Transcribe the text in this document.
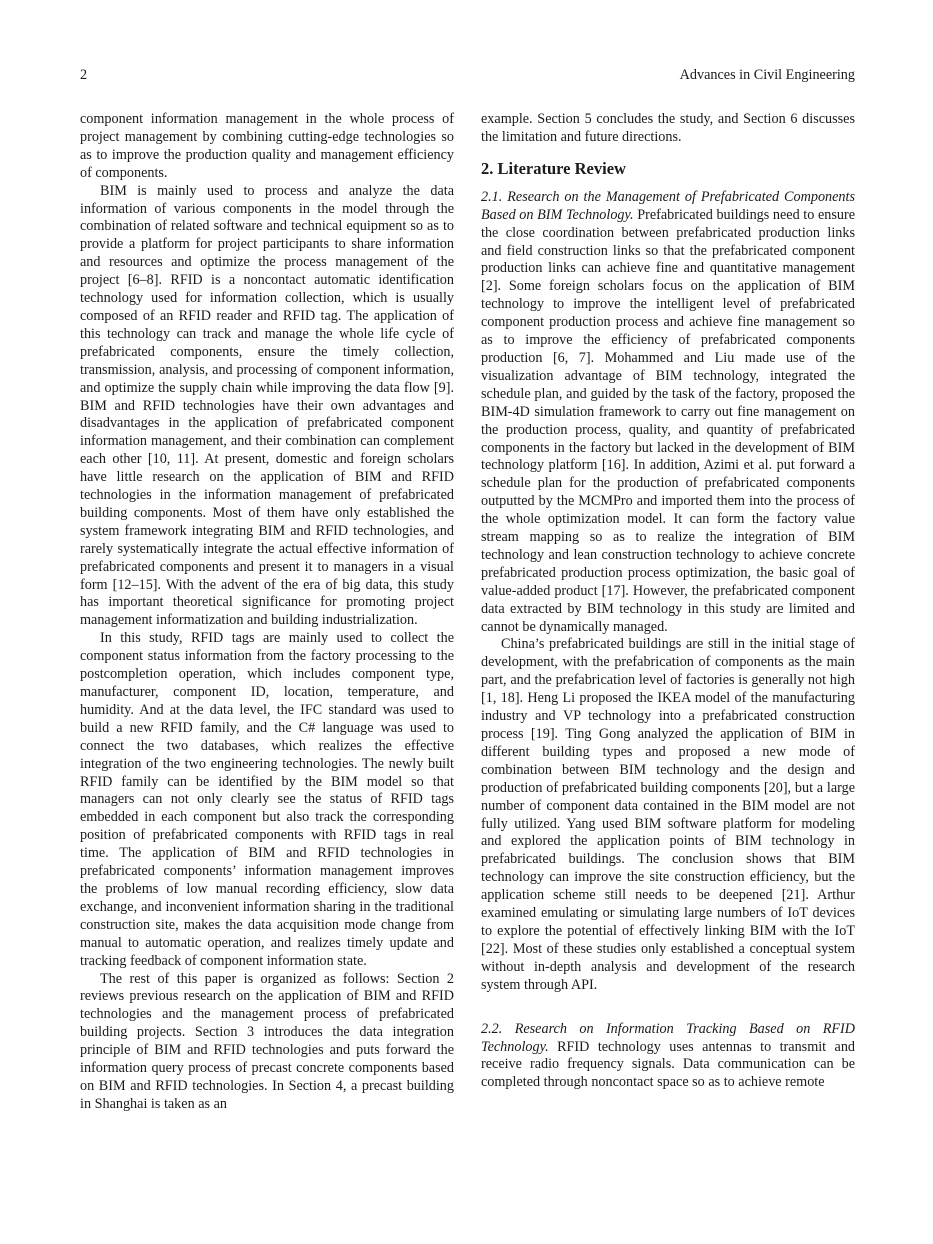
2	Advances in Civil Engineering

component information management in the whole process of project management by combining cutting-edge technologies so as to improve the production quality and management efficiency of components.

BIM is mainly used to process and analyze the data information of various components in the model through the combination of related software and technical equipment so as to provide a platform for project participants to share information and resources and optimize the process management of the project [6–8]. RFID is a noncontact automatic identification technology used for information collection, which is usually composed of an RFID reader and RFID tag. The application of this technology can track and manage the whole life cycle of prefabricated components, ensure the timely collection, transmission, analysis, and processing of component information, and optimize the supply chain while improving the data flow [9]. BIM and RFID technologies have their own advantages and disadvantages in the application of prefabricated component information management, and their combination can complement each other [10, 11]. At present, domestic and foreign scholars have little research on the application of BIM and RFID technologies in the information management of prefabricated building components. Most of them have only established the system framework integrating BIM and RFID technologies, and rarely systematically integrate the actual effective information of prefabricated components and present it to managers in a visual form [12–15]. With the advent of the era of big data, this study has important theoretical significance for promoting project management informatization and building industrialization.

In this study, RFID tags are mainly used to collect the component status information from the factory processing to the postcompletion operation, which includes component type, manufacturer, component ID, location, temperature, and humidity. And at the data level, the IFC standard was used to build a new RFID family, and the C# language was used to connect the two databases, which realizes the effective integration of the two engineering technologies. The newly built RFID family can be identified by the BIM model so that managers can not only clearly see the status of RFID tags embedded in each component but also track the corresponding position of prefabricated components with RFID tags in real time. The application of BIM and RFID technologies in prefabricated components’ information management improves the problems of low manual recording efficiency, slow data exchange, and inconvenient information sharing in the traditional construction site, makes the data acquisition mode change from manual to automatic operation, and realizes timely update and tracking feedback of component information state.

The rest of this paper is organized as follows: Section 2 reviews previous research on the application of BIM and RFID technologies and the management process of prefabricated building projects. Section 3 introduces the data integration principle of BIM and RFID technologies and puts forward the information query process of precast concrete components based on BIM and RFID technologies. In Section 4, a precast building in Shanghai is taken as an

example. Section 5 concludes the study, and Section 6 discusses the limitation and future directions.

2. Literature Review

2.1. Research on the Management of Prefabricated Components Based on BIM Technology. Prefabricated buildings need to ensure the close coordination between prefabricated production links and field construction links so that the prefabricated component production links can achieve fine and quantitative management [2]. Some foreign scholars focus on the application of BIM technology to improve the intelligent level of prefabricated component production process and achieve fine management so as to improve the efficiency of prefabricated components production [6, 7]. Mohammed and Liu made use of the visualization advantage of BIM technology, integrated the schedule plan, and guided by the task of the factory, proposed the BIM-4D simulation framework to carry out fine management on the production process, quality, and quantity of prefabricated components in the factory but lacked in the development of BIM technology platform [16]. In addition, Azimi et al. put forward a schedule plan for the production of prefabricated components outputted by the MCMPro and imported them into the process of the whole optimization model. It can form the factory value stream mapping so as to realize the integration of BIM technology and lean construction technology to achieve concrete prefabricated production process optimization, the basic goal of value-added product [17]. However, the prefabricated component data extracted by BIM technology in this study are limited and cannot be dynamically managed.

China’s prefabricated buildings are still in the initial stage of development, with the prefabrication of components as the main part, and the prefabrication level of factories is generally not high [1, 18]. Heng Li proposed the IKEA model of the manufacturing industry and VP technology into a prefabricated construction process [19]. Ting Gong analyzed the application of BIM in different building types and proposed a new mode of combination between BIM technology and the design and production of prefabricated building components [20], but a large number of component data contained in the BIM model are not fully utilized. Yang used BIM software platform for modeling and explored the application points of BIM technology in prefabricated buildings. The conclusion shows that BIM technology can improve the site construction efficiency, but the application scheme still needs to be deepened [21]. Arthur examined emulating or simulating large numbers of IoT devices to explore the potential of effectively linking BIM with the IoT [22]. Most of these studies only established a conceptual system without in-depth analysis and development of the research system through API.

2.2. Research on Information Tracking Based on RFID Technology. RFID technology uses antennas to transmit and receive radio frequency signals. Data communication can be completed through noncontact space so as to achieve remote
